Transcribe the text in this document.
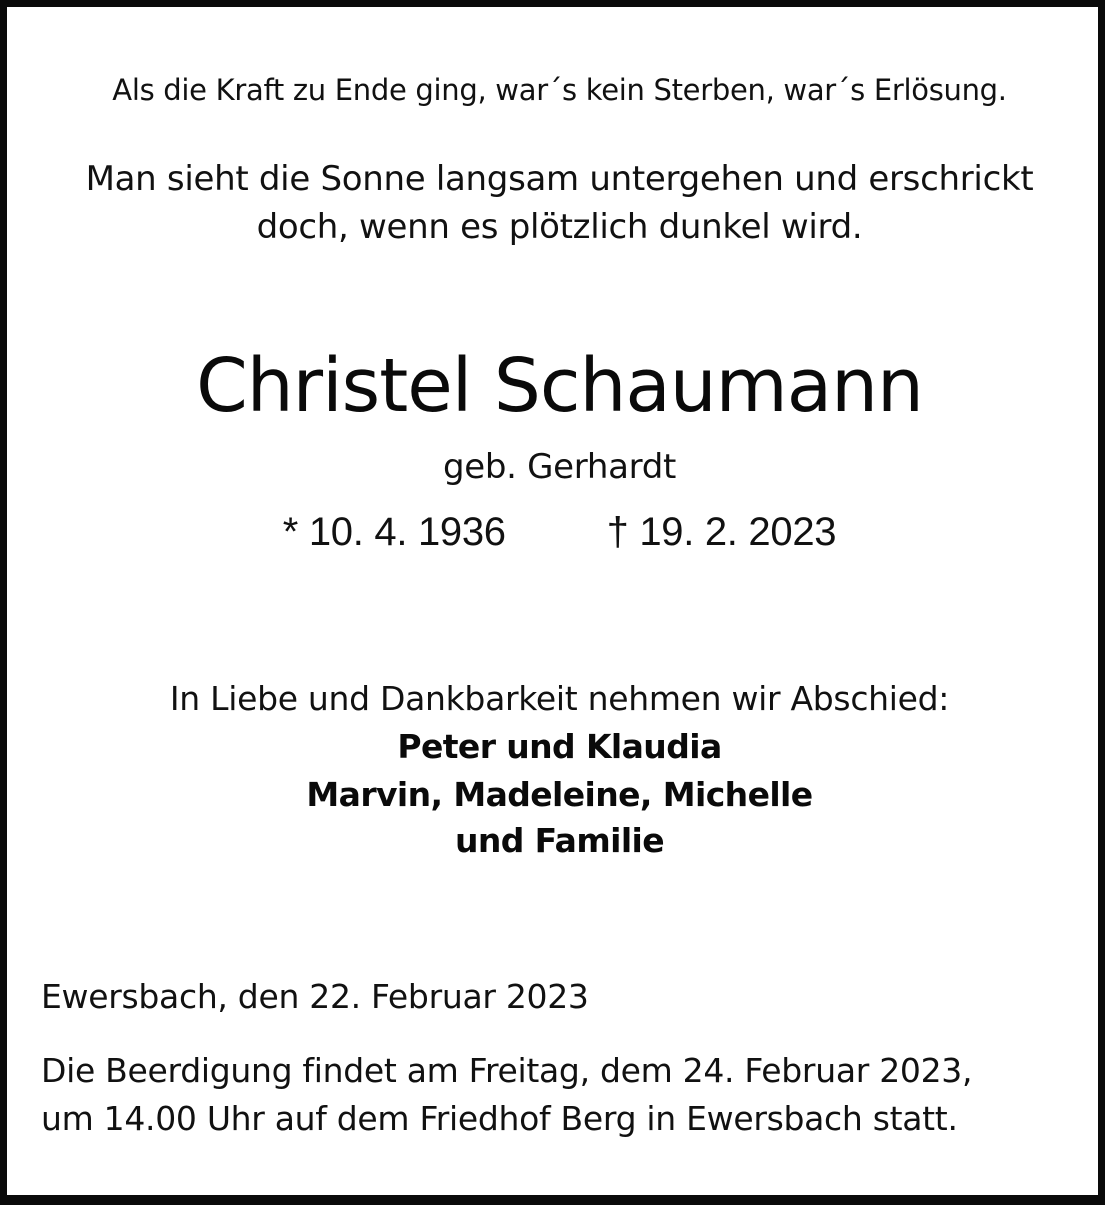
Als die Kraft zu Ende ging, war´s kein Sterben, war´s Erlösung.
Man sieht die Sonne langsam untergehen und erschrickt
doch, wenn es plötzlich dunkel wird.
Christel Schaumann
geb. Gerhardt
* 10. 4. 1936	† 19. 2. 2023
In Liebe und Dankbarkeit nehmen wir Abschied:
Peter und Klaudia
Marvin, Madeleine, Michelle
und Familie
Ewersbach, den 22. Februar 2023
Die Beerdigung findet am Freitag, dem 24. Februar 2023,
um 14.00 Uhr auf dem Friedhof Berg in Ewersbach statt.
